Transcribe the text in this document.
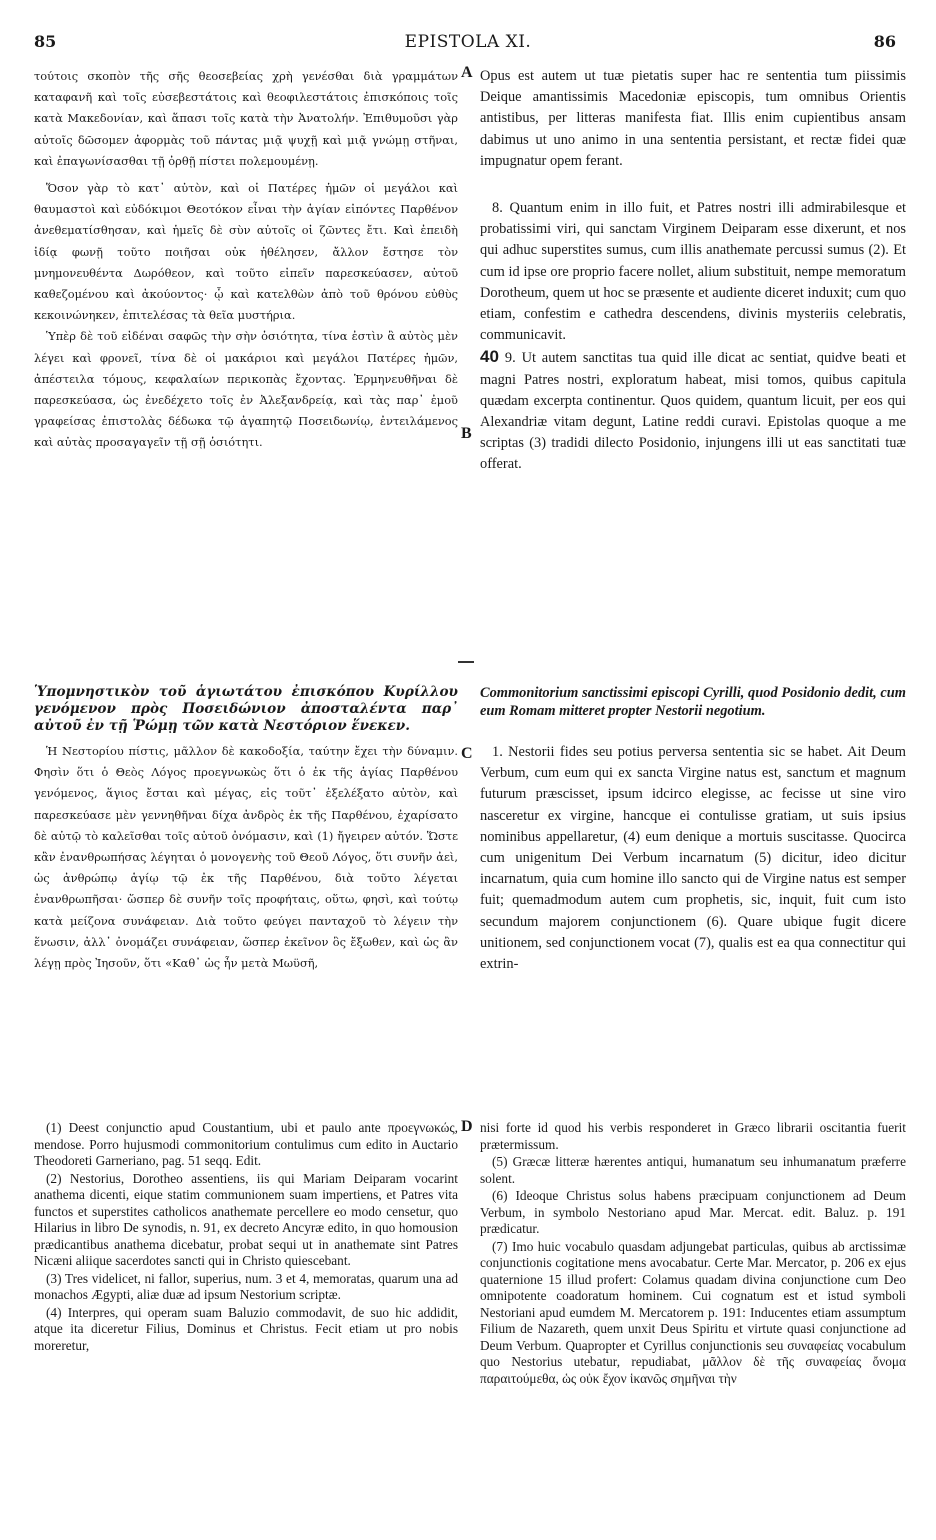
85	EPISTOLA XI.	86
A
B
C
D

τούτοις σκοπὸν τῆς σῆς θεοσεβείας χρὴ γενέσθαι διὰ γραμμάτων καταφανῆ καὶ τοῖς εὐσεβεστάτοις καὶ θεοφιλεστάτοις ἐπισκόποις τοῖς κατὰ Μακεδονίαν, καὶ ἅπασι τοῖς κατὰ τὴν Ἀνατολήν. Ἐπιθυμοῦσι γὰρ αὐτοῖς δῶσομεν ἀφορμὰς τοῦ πάντας μιᾷ ψυχῇ καὶ μιᾷ γνώμῃ στῆναι, καὶ ἐπαγωνίσασθαι τῇ ὀρθῇ πίστει πολεμουμένῃ.

Ὅσον γὰρ τὸ κατ᾽ αὐτὸν, καὶ οἱ Πατέρες ἡμῶν οἱ μεγάλοι καὶ θαυμαστοὶ καὶ εὐδόκιμοι Θεοτόκον εἶναι τὴν ἁγίαν εἰπόντες Παρθένον ἀνεθεματίσθησαν, καὶ ἡμεῖς δὲ σὺν αὐτοῖς οἱ ζῶντες ἔτι. Καὶ ἐπειδὴ ἰδίᾳ φωνῇ τοῦτο ποιῆσαι οὐκ ἠθέλησεν, ἄλλον ἔστησε τὸν μνημονευθέντα Δωρόθεον, καὶ τοῦτο εἰπεῖν παρεσκεύασεν, αὐτοῦ καθεζομένου καὶ ἀκούοντος· ᾧ καὶ κατελθὼν ἀπὸ τοῦ θρόνου εὐθὺς κεκοινώνηκεν, ἐπιτελέσας τὰ θεῖα μυστήρια.

Ὑπὲρ δὲ τοῦ εἰδέναι σαφῶς τὴν σὴν ὁσιότητα, τίνα ἐστὶν ἃ αὐτὸς μὲν λέγει καὶ φρονεῖ, τίνα δὲ οἱ μακάριοι καὶ μεγάλοι Πατέρες ἡμῶν, ἀπέστειλα τόμους, κεφαλαίων περικοπὰς ἔχοντας. Ἑρμηνευθῆναι δὲ παρεσκεύασα, ὡς ἐνεδέχετο τοῖς ἐν Ἀλεξανδρείᾳ, καὶ τὰς παρ᾽ ἐμοῦ γραφείσας ἐπιστολὰς δέδωκα τῷ ἀγαπητῷ Ποσειδωνίῳ, ἐντειλάμενος καὶ αὐτὰς προσαγαγεῖν τῇ σῇ ὁσιότητι.

Opus est autem ut tuæ pietatis super hac re sententia tum piissimis Deique amantissimis Macedoniæ episcopis, tum omnibus Orientis antistibus, per litteras manifesta fiat. Illis enim cupientibus ansam dabimus ut uno animo in una sententia persistant, et rectæ fidei quæ impugnatur opem ferant.

8. Quantum enim in illo fuit, et Patres nostri illi admirabilesque et probatissimi viri, qui sanctam Virginem Deiparam esse dixerunt, et nos qui adhuc superstites sumus, cum illis anathemate percussi sumus (2). Et cum id ipse ore proprio facere nollet, alium substituit, nempe memoratum Dorotheum, quem ut hoc se præsente et audiente diceret induxit; cum quo etiam, confestim e cathedra descendens, divinis mysteriis celebratis, communicavit.

40 9. Ut autem sanctitas tua quid ille dicat ac sentiat, quidve beati et magni Patres nostri, exploratum habeat, misi tomos, quibus capitula quædam excerpta continentur. Quos quidem, quantum licuit, per eos qui Alexandriæ vitam degunt, Latine reddi curavi. Epistolas quoque a me scriptas (3) tradidi dilecto Posidonio, injungens illi ut eas sanctitati tuæ offerat.

Ὑπομνηστικὸν τοῦ ἁγιωτάτου ἐπισκόπου Κυρίλλου γενόμενον πρὸς Ποσειδώνιον ἀποσταλέντα παρ᾽ αὐτοῦ ἐν τῇ Ῥώμῃ τῶν κατὰ Νεστόριον ἕνεκεν.

Ἡ Νεστορίου πίστις, μᾶλλον δὲ κακοδοξία, ταύτην ἔχει τὴν δύναμιν. Φησὶν ὅτι ὁ Θεὸς Λόγος προεγνωκὼς ὅτι ὁ ἐκ τῆς ἁγίας Παρθένου γενόμενος, ἅγιος ἔσται καὶ μέγας, εἰς τοῦτ᾽ ἐξελέξατο αὐτὸν, καὶ παρεσκεύασε μὲν γεννηθῆναι δίχα ἀνδρὸς ἐκ τῆς Παρθένου, ἐχαρίσατο δὲ αὐτῷ τὸ καλεῖσθαι τοῖς αὐτοῦ ὀνόμασιν, καὶ (1) ἤγειρεν αὐτόν. Ὥστε κἂν ἐνανθρωπήσας λέγηται ὁ μονογενὴς τοῦ Θεοῦ Λόγος, ὅτι συνῆν ἀεὶ, ὡς ἀνθρώπῳ ἁγίῳ τῷ ἐκ τῆς Παρθένου, διὰ τοῦτο λέγεται ἐνανθρωπῆσαι· ὥσπερ δὲ συνῆν τοῖς προφήταις, οὕτω, φησὶ, καὶ τούτῳ κατὰ μείζονα συνάφειαν. Διὰ τοῦτο φεύγει πανταχοῦ τὸ λέγειν τὴν ἕνωσιν, ἀλλ᾽ ὀνομάζει συνάφειαν, ὥσπερ ἐκεῖνον ὃς ἔξωθεν, καὶ ὡς ἂν λέγῃ πρὸς Ἰησοῦν, ὅτι «Καθ᾽ ὡς ἦν μετὰ Μωϋσῆ,

Commonitorium sanctissimi episcopi Cyrilli, quod Posidonio dedit, cum eum Romam mitteret propter Nestorii negotium.

1. Nestorii fides seu potius perversa sententia sic se habet. Ait Deum Verbum, cum eum qui ex sancta Virgine natus est, sanctum et magnum futurum præscisset, ipsum idcirco elegisse, ac fecisse ut sine viro nasceretur ex virgine, hancque ei contulisse gratiam, ut suis ipsius nominibus appellaretur, (4) eum denique a mortuis suscitasse. Quocirca cum unigenitum Dei Verbum incarnatum (5) dicitur, ideo dicitur incarnatum, quia cum homine illo sancto qui de Virgine natus est semper fuit; quemadmodum autem cum prophetis, sic, inquit, fuit cum isto secundum majorem conjunctionem (6). Quare ubique fugit dicere unitionem, sed conjunctionem vocat (7), qualis est ea qua connectitur qui extrin-

(1) Deest conjunctio apud Coustantium, ubi et paulo ante προεγνωκώς, mendose. Porro hujusmodi commonitorium contulimus cum edito in Auctario Theodoreti Garneriano, pag. 51 seqq. Edit.

(2) Nestorius, Dorotheo assentiens, iis qui Mariam Deiparam vocarint anathema dicenti, eique statim communionem suam impertiens, et Patres vita functos et superstites catholicos anathemate percellere eo modo censetur, quo Hilarius in libro De synodis, n. 91, ex decreto Ancyræ edito, in quo homousion prædicantibus anathema dicebatur, probat sequi ut in anathemate sint Patres Nicæni aliique sacerdotes sancti qui in Christo quiescebant.

(3) Tres videlicet, ni fallor, superius, num. 3 et 4, memoratas, quarum una ad monachos Ægypti, aliæ duæ ad ipsum Nestorium scriptæ.

(4) Interpres, qui operam suam Baluzio commodavit, de suo hic addidit, atque ita diceretur Filius, Dominus et Christus. Fecit etiam ut pro nobis moreretur,

nisi forte id quod his verbis responderet in Græco librarii oscitantia fuerit prætermissum.

(5) Græcæ litteræ hærentes antiqui, humanatum seu inhumanatum præferre solent.

(6) Ideoque Christus solus habens præcipuam conjunctionem ad Deum Verbum, in symbolo Nestoriano apud Mar. Mercat. edit. Baluz. p. 191 prædicatur.

(7) Imo huic vocabulo quasdam adjungebat particulas, quibus ab arctissimæ conjunctionis cogitatione mens avocabatur. Certe Mar. Mercator, p. 206 ex ejus quaternione 15 illud profert: Colamus quadam divina conjunctione cum Deo omnipotente coadoratum hominem. Cui cognatum est et istud symboli Nestoriani apud eumdem M. Mercatorem p. 191: Inducentes etiam assumptum Filium de Nazareth, quem unxit Deus Spiritu et virtute quasi conjunctione ad Deum Verbum. Quapropter et Cyrillus conjunctionis seu συναφείας vocabulum quo Nestorius utebatur, repudiabat, μᾶλλον δὲ τῆς συναφείας ὄνομα παραιτούμεθα, ὡς οὐκ ἔχον ἱκανῶς σημῆναι τὴν
